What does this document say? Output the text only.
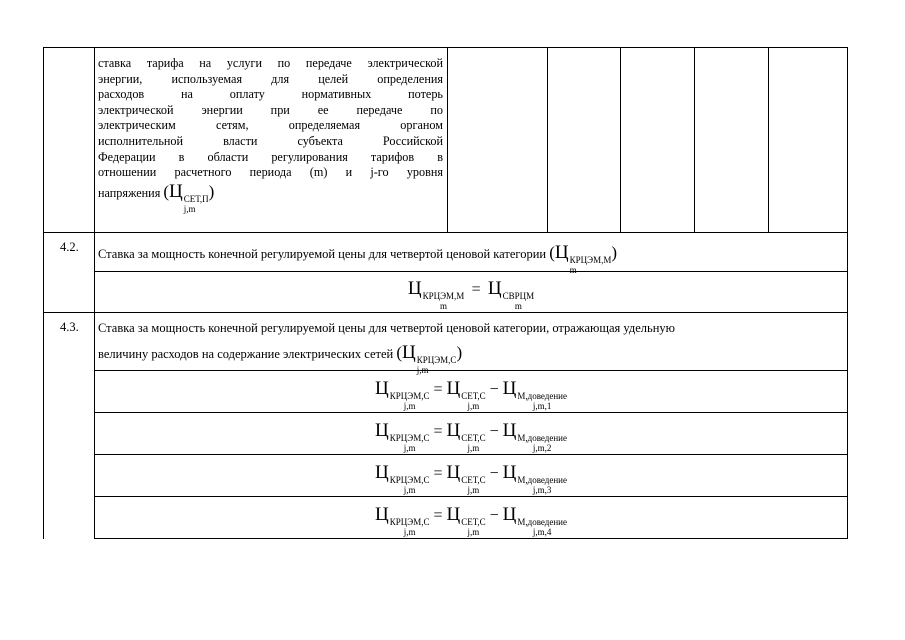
ставка тарифа на услуги по передаче электрической
энергии, используемая для целей определения
расходов на оплату нормативных потерь
электрической энергии при ее передаче по
электрическим сетям, определяемая органом
исполнительной власти субъекта Российской
Федерации в области регулирования тарифов в
отношении расчетного периода (m) и j-го уровня
напряжения (Ц СЕТ,П
j,m
)
4.2. Ставка за мощность конечной регулируемой цены для четвертой ценовой категории (Ц КРЦЭМ,М
m
)
Ц КРЦЭМ,М
m
= Ц СВРЦМ
m
4.3. Ставка за мощность конечной регулируемой цены для четвертой ценовой категории, отражающая удельную
величину расходов на содержание электрических сетей (Ц КРЦЭМ,С
j,m
)
Ц КРЦЭМ,С
j,m
= Ц СЕТ,С
j,m
− Ц М,доведение
j,m,1
Ц КРЦЭМ,С
j,m
= Ц СЕТ,С
j,m
− Ц М,доведение
j,m,2
Ц КРЦЭМ,С
j,m
= Ц СЕТ,С
j,m
− Ц М,доведение
j,m,3
Ц КРЦЭМ,С
j,m
= Ц СЕТ,С
j,m
− Ц М,доведение
j,m,4
